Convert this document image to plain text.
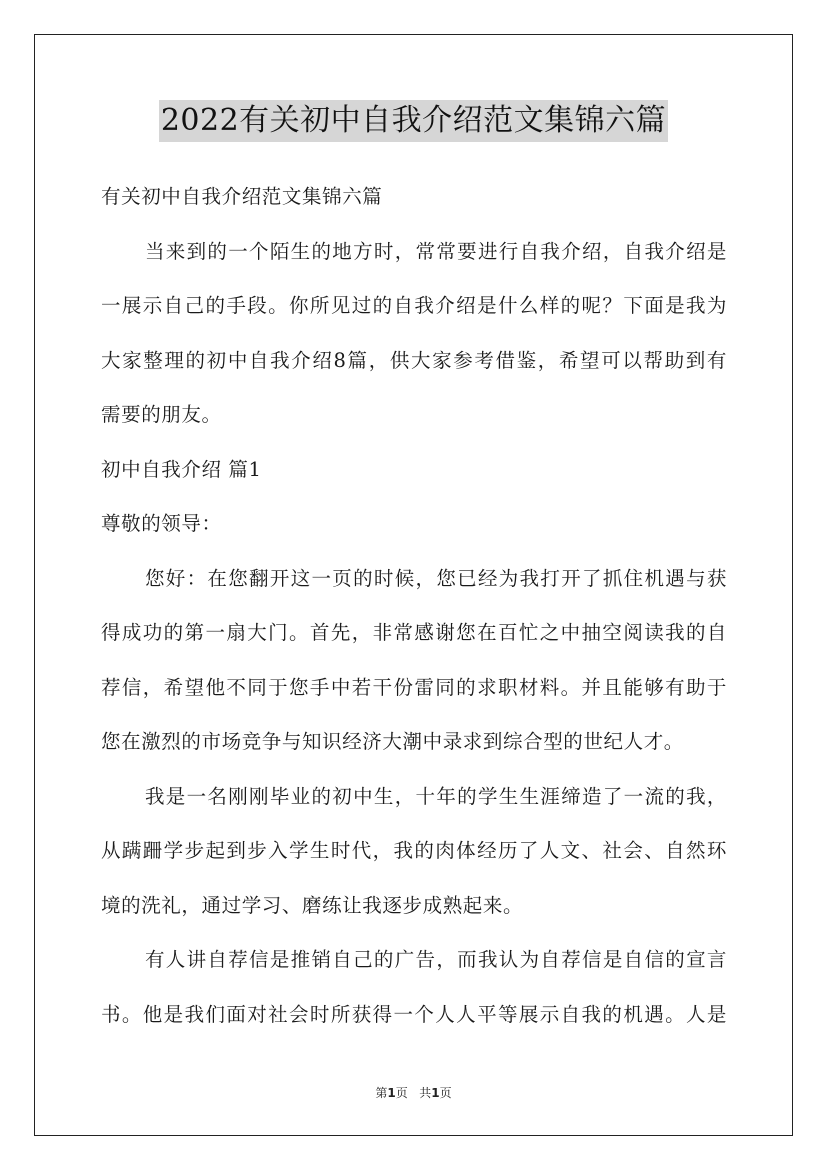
2022有关初中自我介绍范文集锦六篇
有关初中自我介绍范文集锦六篇
当来到的一个陌生的地方时，常常要进行自我介绍，自我介绍是
一展示自己的手段。你所见过的自我介绍是什么样的呢？下面是我为
大家整理的初中自我介绍8篇，供大家参考借鉴，希望可以帮助到有
需要的朋友。
初中自我介绍 篇1
尊敬的领导：
您好：在您翻开这一页的时候，您已经为我打开了抓住机遇与获
得成功的第一扇大门。首先，非常感谢您在百忙之中抽空阅读我的自
荐信，希望他不同于您手中若干份雷同的求职材料。并且能够有助于
您在激烈的市场竞争与知识经济大潮中录求到综合型的世纪人才。
我是一名刚刚毕业的初中生，十年的学生生涯缔造了一流的我，
从蹒跚学步起到步入学生时代，我的肉体经历了人文、社会、自然环
境的洗礼，通过学习、磨练让我逐步成熟起来。
有人讲自荐信是推销自己的广告，而我认为自荐信是自信的宣言
书。他是我们面对社会时所获得一个人人平等展示自我的机遇。人是
第1页 共1页
